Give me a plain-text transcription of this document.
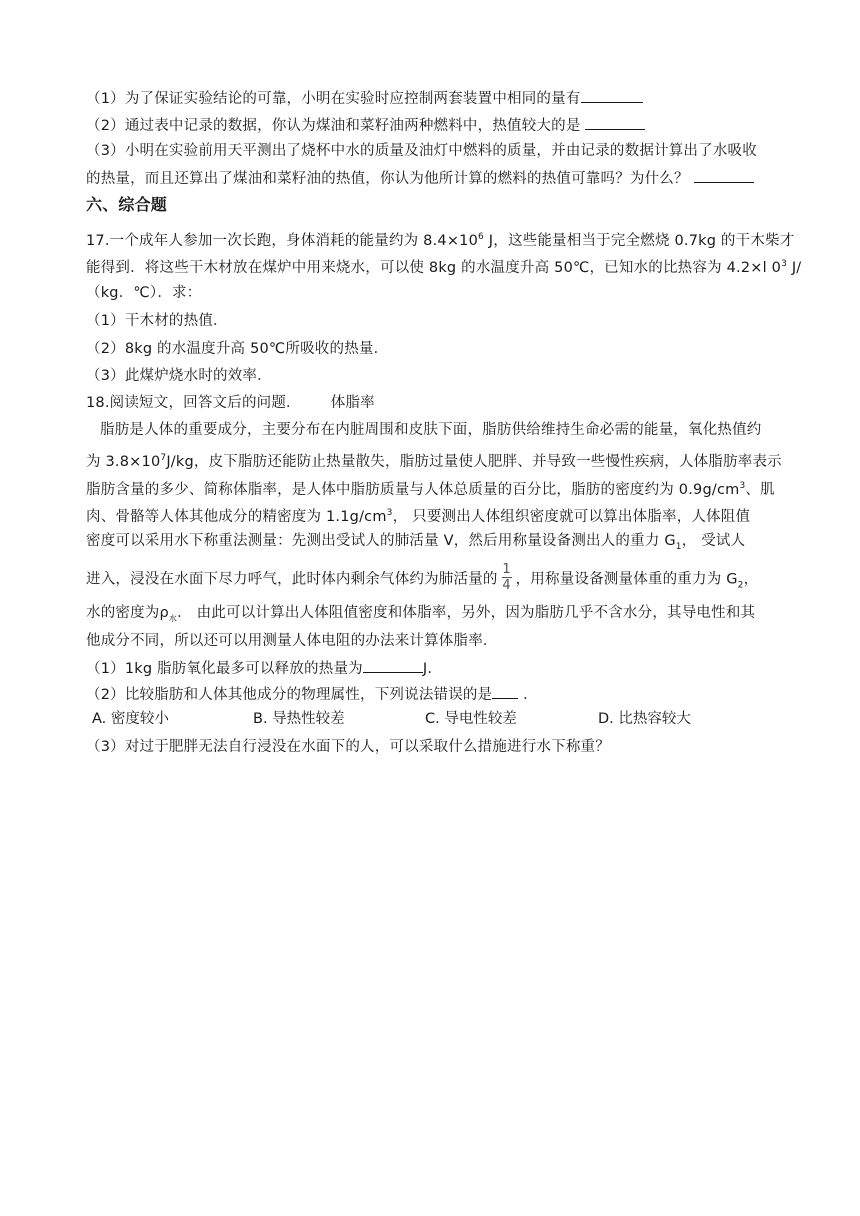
（1）为了保证实验结论的可靠，小明在实验时应控制两套装置中相同的量有
（2）通过表中记录的数据，你认为煤油和菜籽油两种燃料中，热值较大的是
（3）小明在实验前用天平测出了烧杯中水的质量及油灯中燃料的质量，并由记录的数据计算出了水吸收
的热量，而且还算出了煤油和菜籽油的热值，你认为他所计算的燃料的热值可靠吗？为什么？
六、综合题
17.一个成年人参加一次长跑，身体消耗的能量约为 $8.4\times 10^6$ J，这些能量相当于完全燃烧 0.7kg 的干木柴才
能得到．将这些干木材放在煤炉中用来烧水，可以使 8kg 的水温度升高 50℃，已知水的比热容为 4.2×l $0^3$ J/
（kg．℃）．求：
（1）干木材的热值．
（2）8kg 的水温度升高 50℃所吸收的热量．
（3）此煤炉烧水时的效率．
18.阅读短文，回答文后的问题． 体脂率
脂肪是人体的重要成分，主要分布在内脏周围和皮肤下面，脂肪供给维持生命必需的能量，氧化热值约
为 $3.8\times 10^7J/kg$，皮下脂肪还能防止热量散失，脂肪过量使人肥胖、并导致一些慢性疾病，人体脂肪率表示
脂肪含量的多少、简称体脂率，是人体中脂肪质量与人体总质量的百分比，脂肪的密度约为 $0.9g/cm^3$、肌
肉、骨骼等人体其他成分的精密度为 $1.1g/cm^3$， 只要测出人体组织密度就可以算出体脂率，人体阻值
密度可以采用水下称重法测量：先测出受试人的肺活量 V，然后用称量设备测出人的重力 $G_1$， 受试人
进入，浸没在水面下尽力呼气，此时体内剩余气体约为肺活量的 $\frac{1}{4}$ ，用称量设备测量体重的重力为 $G_2$，
水的密度为$\rho_水$． 由此可以计算出人体阻值密度和体脂率，另外，因为脂肪几乎不含水分，其导电性和其
他成分不同，所以还可以用测量人体电阻的办法来计算体脂率．
（1）1kg 脂肪氧化最多可以释放的热量为	J.
（2）比较脂肪和人体其他成分的物理属性，下列说法错误的是 ．
A. 密度较小	B. 导热性较差	C. 导电性较差	D. 比热容较大
（3）对过于肥胖无法自行浸没在水面下的人，可以采取什么措施进行水下称重？
